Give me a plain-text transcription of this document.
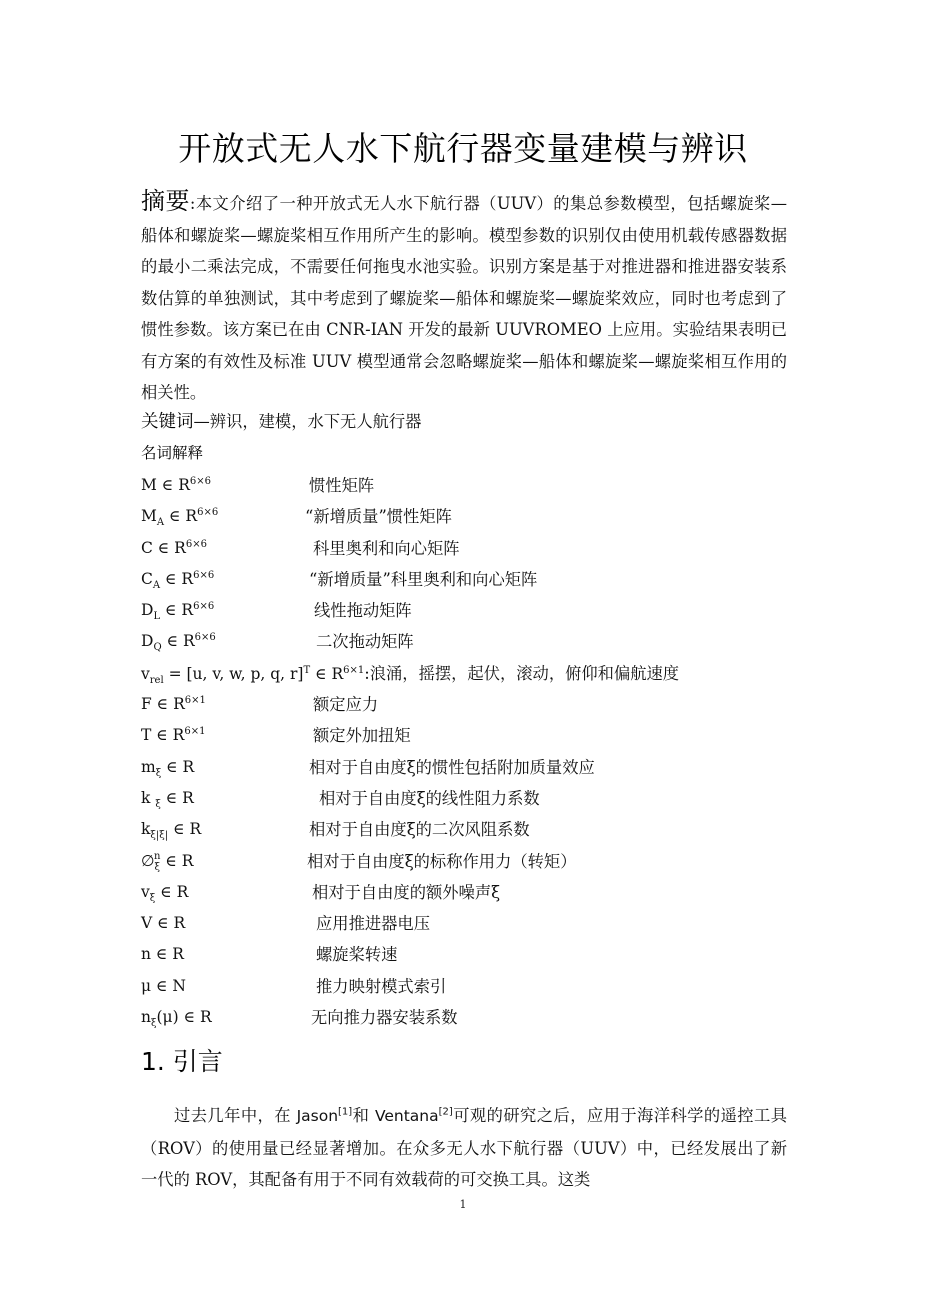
开放式无人水下航行器变量建模与辨识
摘要:本文介绍了一种开放式无人水下航行器（UUV）的集总参数模型，包括螺旋桨—船体和螺旋桨—螺旋桨相互作用所产生的影响。模型参数的识别仅由使用机载传感器数据的最小二乘法完成，不需要任何拖曳水池实验。识别方案是基于对推进器和推进器安装系数估算的单独测试，其中考虑到了螺旋桨—船体和螺旋桨—螺旋桨效应，同时也考虑到了惯性参数。该方案已在由 CNR-IAN 开发的最新 UUVROMEO 上应用。实验结果表明已有方案的有效性及标准 UUV 模型通常会忽略螺旋桨—船体和螺旋桨—螺旋桨相互作用的相关性。
关键词—辨识，建模，水下无人航行器
名词解释
M ∈ $R^{6\times 6}$	惯性矩阵
$M_A$ ∈ $R^{6\times 6}$	“新增质量”惯性矩阵
C ∈ $R^{6\times 6}$	科里奥利和向心矩阵
$C_A$ ∈ $R^{6\times 6}$	“新增质量”科里奥利和向心矩阵
$D_L$ ∈ $R^{6\times 6}$	线性拖动矩阵
$D_Q$ ∈ $R^{6\times 6}$	二次拖动矩阵
$v_{rel} = [u$, v, w, p, q, r]$^T$ ∈ $R^{6\times 1}$:浪涌，摇摆，起伏，滚动，俯仰和偏航速度
F ∈ $R^{6\times 1}$	额定应力
T ∈ $R^{6\times 1}$	额定外加扭矩
$m_\xi$ ∈ R	相对于自由度ξ的惯性包括附加质量效应
k $_\xi$ ∈ R	相对于自由度ξ的线性阻力系数
$k_{\xi|\xi|}$ ∈ R	相对于自由度ξ的二次风阻系数
$\emptyset_\xi^n$ ∈ R	相对于自由度ξ的标称作用力（转矩）
$v_\xi$ ∈ R	相对于自由度的额外噪声ξ
V ∈ R	应用推进器电压
n ∈ R	螺旋桨转速
μ ∈ N	推力映射模式索引
$n_\xi(\mu)$ ∈ R	无向推力器安装系数
1. 引言
过去几年中，在 Jason[1]和 Ventana[2]可观的研究之后，应用于海洋科学的遥控工具（ROV）的使用量已经显著增加。在众多无人水下航行器（UUV）中，已经发展出了新一代的 ROV，其配备有用于不同有效载荷的可交换工具。这类
1
